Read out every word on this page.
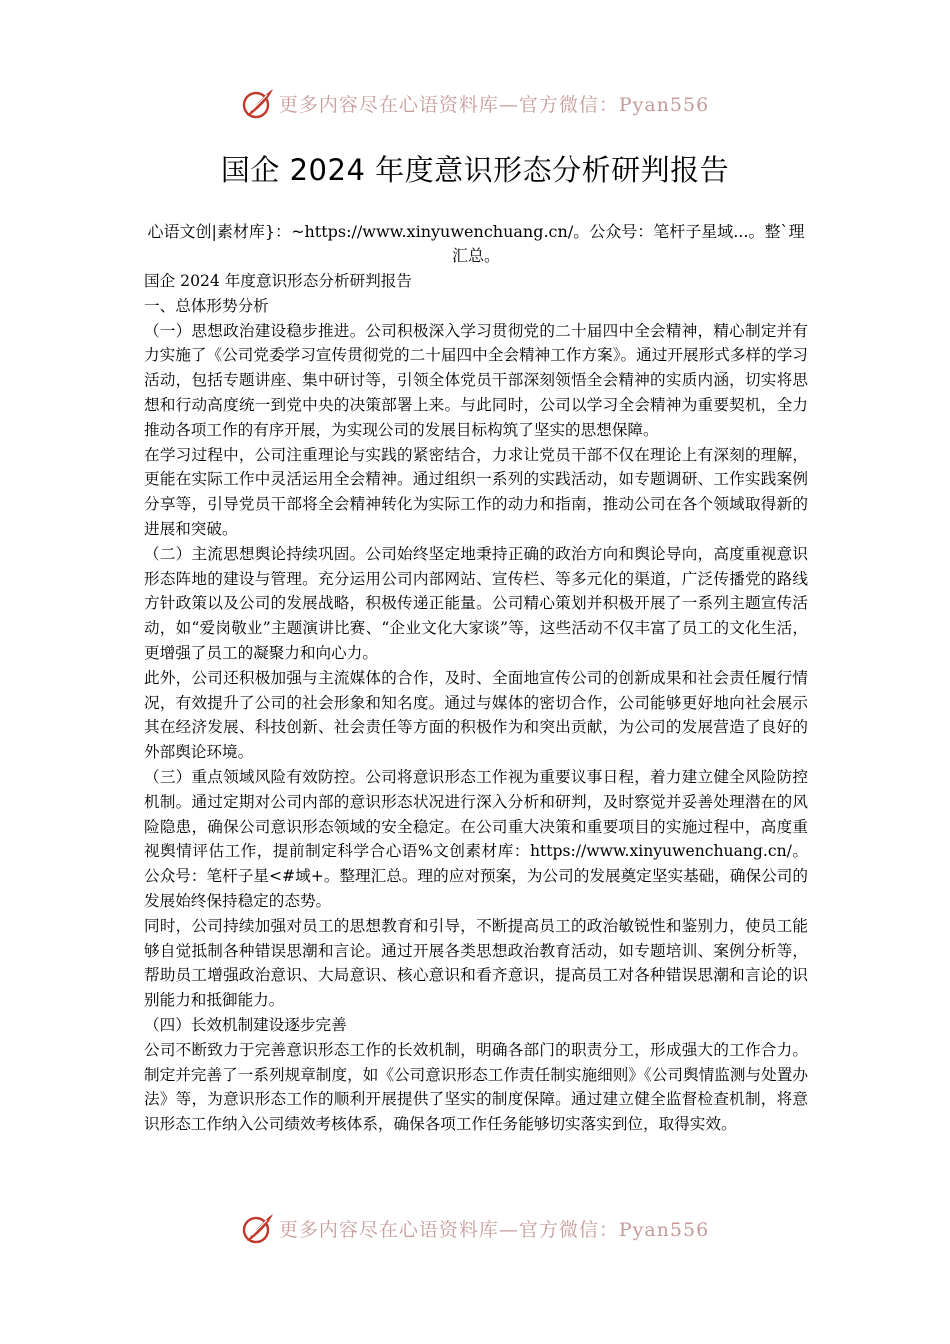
更多内容尽在心语资料库—官方微信：Pyan556
国企 2024 年度意识形态分析研判报告
心语文创|素材库}：~https://www.xinyuwenchuang.cn/。公众号：笔杆子星域...。整`理汇总。

国企 2024 年度意识形态分析研判报告

一、总体形势分析

（一）思想政治建设稳步推进。公司积极深入学习贯彻党的二十届四中全会精神，精心制定并有力实施了《公司党委学习宣传贯彻党的二十届四中全会精神工作方案》。通过开展形式多样的学习活动，包括专题讲座、集中研讨等，引领全体党员干部深刻领悟全会精神的实质内涵，切实将思想和行动高度统一到党中央的决策部署上来。与此同时，公司以学习全会精神为重要契机，全力推动各项工作的有序开展，为实现公司的发展目标构筑了坚实的思想保障。

在学习过程中，公司注重理论与实践的紧密结合，力求让党员干部不仅在理论上有深刻的理解，更能在实际工作中灵活运用全会精神。通过组织一系列的实践活动，如专题调研、工作实践案例分享等，引导党员干部将全会精神转化为实际工作的动力和指南，推动公司在各个领域取得新的进展和突破。

（二）主流思想舆论持续巩固。公司始终坚定地秉持正确的政治方向和舆论导向，高度重视意识形态阵地的建设与管理。充分运用公司内部网站、宣传栏、等多元化的渠道，广泛传播党的路线方针政策以及公司的发展战略，积极传递正能量。公司精心策划并积极开展了一系列主题宣传活动，如“爱岗敬业”主题演讲比赛、“企业文化大家谈”等，这些活动不仅丰富了员工的文化生活，更增强了员工的凝聚力和向心力。

此外，公司还积极加强与主流媒体的合作，及时、全面地宣传公司的创新成果和社会责任履行情况，有效提升了公司的社会形象和知名度。通过与媒体的密切合作，公司能够更好地向社会展示其在经济发展、科技创新、社会责任等方面的积极作为和突出贡献，为公司的发展营造了良好的外部舆论环境。

（三）重点领域风险有效防控。公司将意识形态工作视为重要议事日程，着力建立健全风险防控机制。通过定期对公司内部的意识形态状况进行深入分析和研判，及时察觉并妥善处理潜在的风险隐患，确保公司意识形态领域的安全稳定。在公司重大决策和重要项目的实施过程中，高度重视舆情评估工作，提前制定科学合心语%文创素材库：https://www.xinyuwenchuang.cn/。公众号：笔杆子星<#域+。整理汇总。理的应对预案，为公司的发展奠定坚实基础，确保公司的发展始终保持稳定的态势。

同时，公司持续加强对员工的思想教育和引导，不断提高员工的政治敏锐性和鉴别力，使员工能够自觉抵制各种错误思潮和言论。通过开展各类思想政治教育活动，如专题培训、案例分析等，帮助员工增强政治意识、大局意识、核心意识和看齐意识，提高员工对各种错误思潮和言论的识别能力和抵御能力。

（四）长效机制建设逐步完善

公司不断致力于完善意识形态工作的长效机制，明确各部门的职责分工，形成强大的工作合力。制定并完善了一系列规章制度，如《公司意识形态工作责任制实施细则》《公司舆情监测与处置办法》等，为意识形态工作的顺利开展提供了坚实的制度保障。通过建立健全监督检查机制，将意识形态工作纳入公司绩效考核体系，确保各项工作任务能够切实落实到位，取得实效。

更多内容尽在心语资料库—官方微信：Pyan556
